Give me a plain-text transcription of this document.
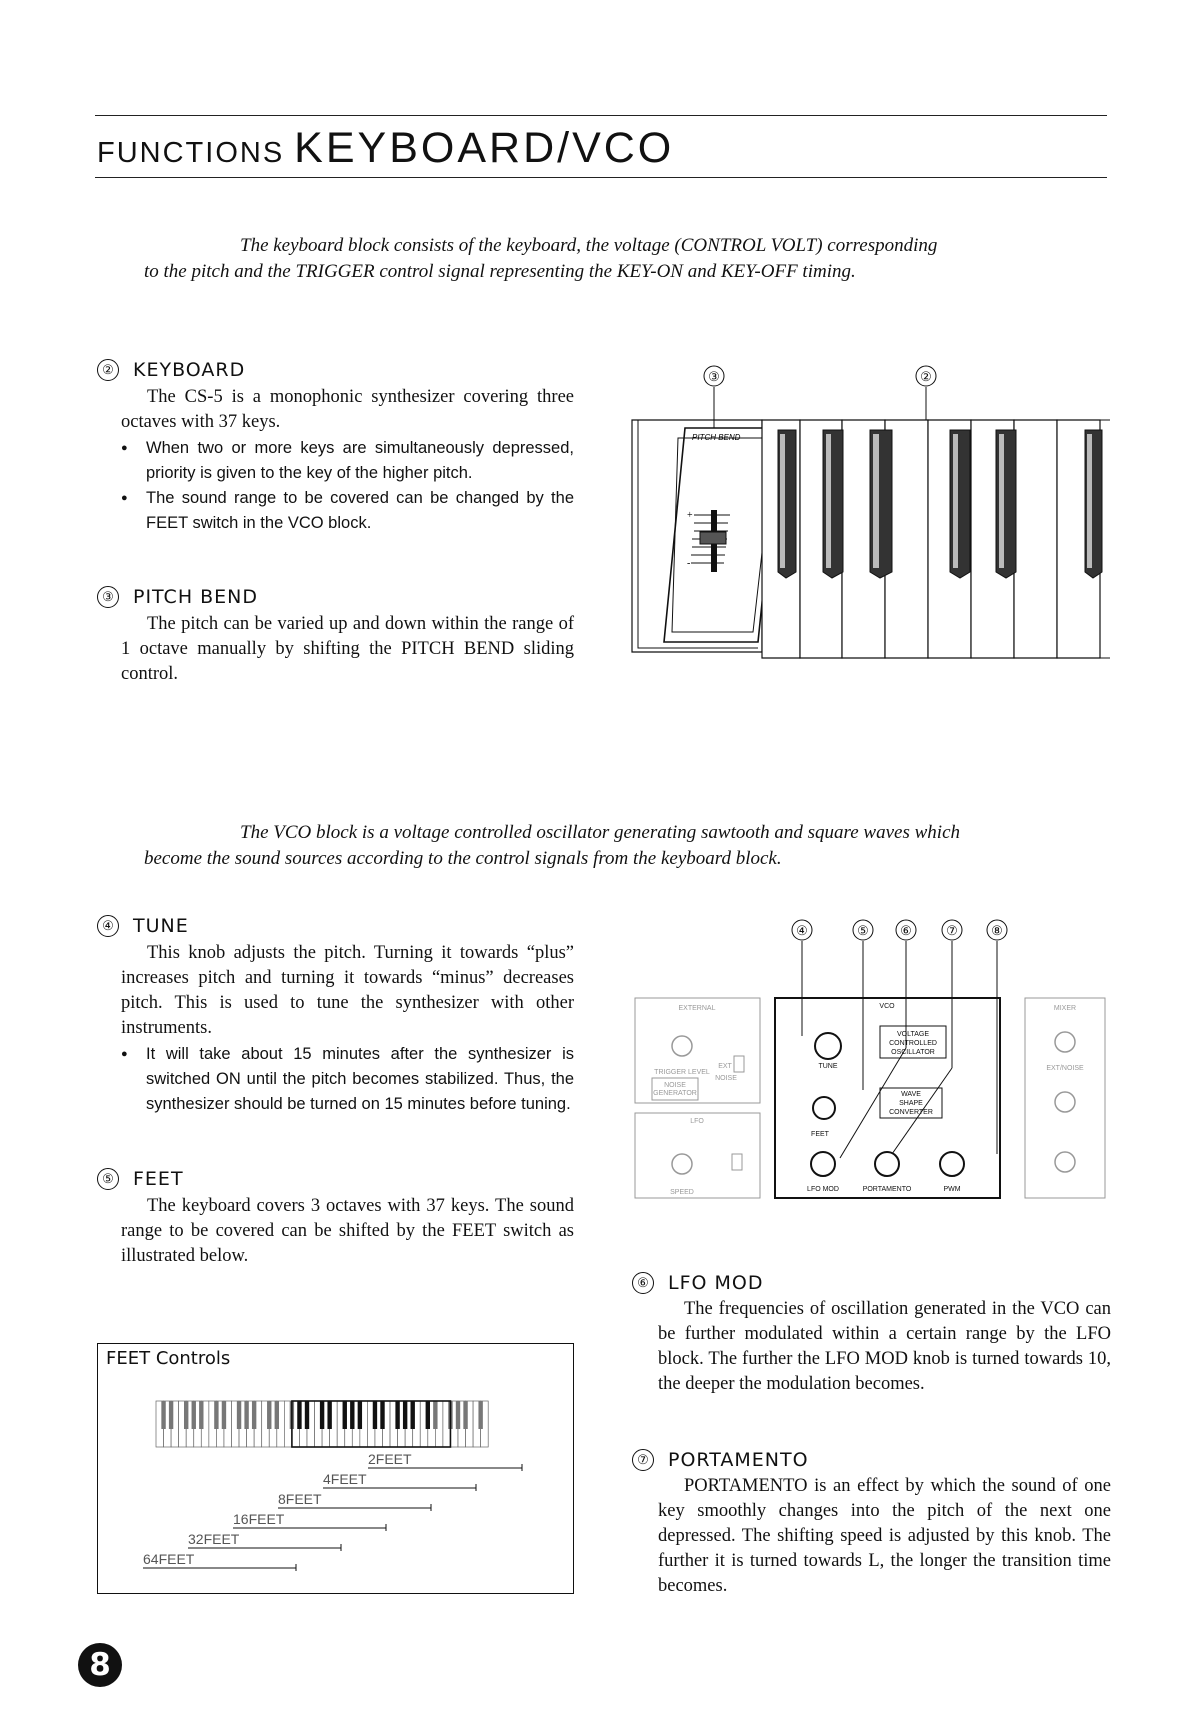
FUNCTIONS KEYBOARD/VCO
The keyboard block consists of the keyboard, the voltage (CONTROL VOLT) corresponding
to the pitch and the TRIGGER control signal representing the KEY-ON and KEY-OFF timing.
② KEYBOARD
The CS-5 is a monophonic synthesizer covering three octaves with 37 keys.
● When two or more keys are simultaneously depressed, priority is given to the key of the higher pitch.
● The sound range to be covered can be changed by the FEET switch in the VCO block.
③ PITCH BEND
The pitch can be varied up and down within the range of 1 octave manually by shifting the PITCH BEND sliding control.
③	②
PITCH BEND
+
-
The VCO block is a voltage controlled oscillator generating sawtooth and square waves which
become the sound sources according to the control signals from the keyboard block.
④ TUNE
This knob adjusts the pitch. Turning it towards “plus” increases pitch and turning it towards “minus” decreases pitch. This is used to tune the synthesizer with other instruments.
● It will take about 15 minutes after the synthesizer is switched ON until the pitch becomes stabilized. Thus, the synthesizer should be turned on 15 minutes before tuning.
⑤ FEET
The keyboard covers 3 octaves with 37 keys. The sound range to be covered can be shifted by the FEET switch as illustrated below.
FEET Controls
2FEET
4FEET
8FEET
16FEET
32FEET
64FEET
④	⑤ ⑥	⑦	⑧
EXTERNAL
TRIGGER LEVEL
EXT
NOISE
NOISE
GENERATOR
LFO
SPEED
VCO
VOLTAGE
CONTROLLED
OSCILLATOR
WAVE
SHAPE
CONVERTER
TUNE
FEET
LFO MOD	PORTAMENTO	PWM
MIXER
EXT/NOISE
⑥ LFO MOD
The frequencies of oscillation generated in the VCO can be further modulated within a certain range by the LFO block. The further the LFO MOD knob is turned towards 10, the deeper the modulation becomes.
⑦ PORTAMENTO
PORTAMENTO is an effect by which the sound of one key smoothly changes into the pitch of the next one depressed. The shifting speed is adjusted by this knob. The further it is turned towards L, the longer the transition time becomes.
8
